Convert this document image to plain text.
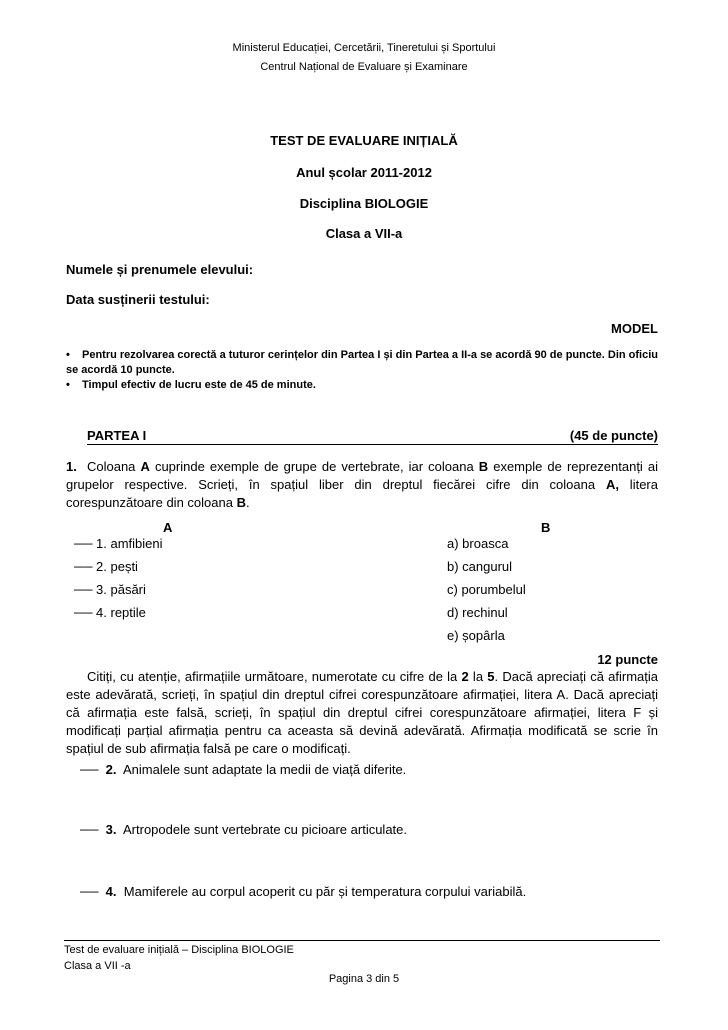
Ministerul Educației, Cercetării, Tineretului și Sportului
Centrul Național de Evaluare și Examinare
TEST DE EVALUARE INIȚIALĂ
Anul școlar 2011-2012
Disciplina BIOLOGIE
Clasa a VII-a
Numele și prenumele elevului:
Data susținerii testului:
MODEL
• Pentru rezolvarea corectă a tuturor cerințelor din Partea I și din Partea a II-a se acordă 90 de puncte. Din oficiu se acordă 10 puncte.
• Timpul efectiv de lucru este de 45 de minute.
PARTEA I	(45 de puncte)
1. Coloana A cuprinde exemple de grupe de vertebrate, iar coloana B exemple de reprezentanți ai grupelor respective. Scrieți, în spațiul liber din dreptul fiecărei cifre din coloana A, litera corespunzătoare din coloana B.
A	B
── 1. amfibieni
── 2. pești
── 3. păsări
── 4. reptile
a) broasca
b) cangurul
c) porumbelul
d) rechinul
e) șopârla
12 puncte
Citiți, cu atenție, afirmațiile următoare, numerotate cu cifre de la 2 la 5. Dacă apreciați că afirmația este adevărată, scrieți, în spațiul din dreptul cifrei corespunzătoare afirmației, litera A. Dacă apreciați că afirmația este falsă, scrieți, în spațiul din dreptul cifrei corespunzătoare afirmației, litera F și modificați parțial afirmația pentru ca aceasta să devină adevărată. Afirmația modificată se scrie în spațiul de sub afirmația falsă pe care o modificați.
── 2. Animalele sunt adaptate la medii de viață diferite.
── 3. Artropodele sunt vertebrate cu picioare articulate.
── 4. Mamiferele au corpul acoperit cu păr și temperatura corpului variabilă.
Test de evaluare inițială – Disciplina BIOLOGIE
Clasa a VII -a
Pagina 3 din 5
